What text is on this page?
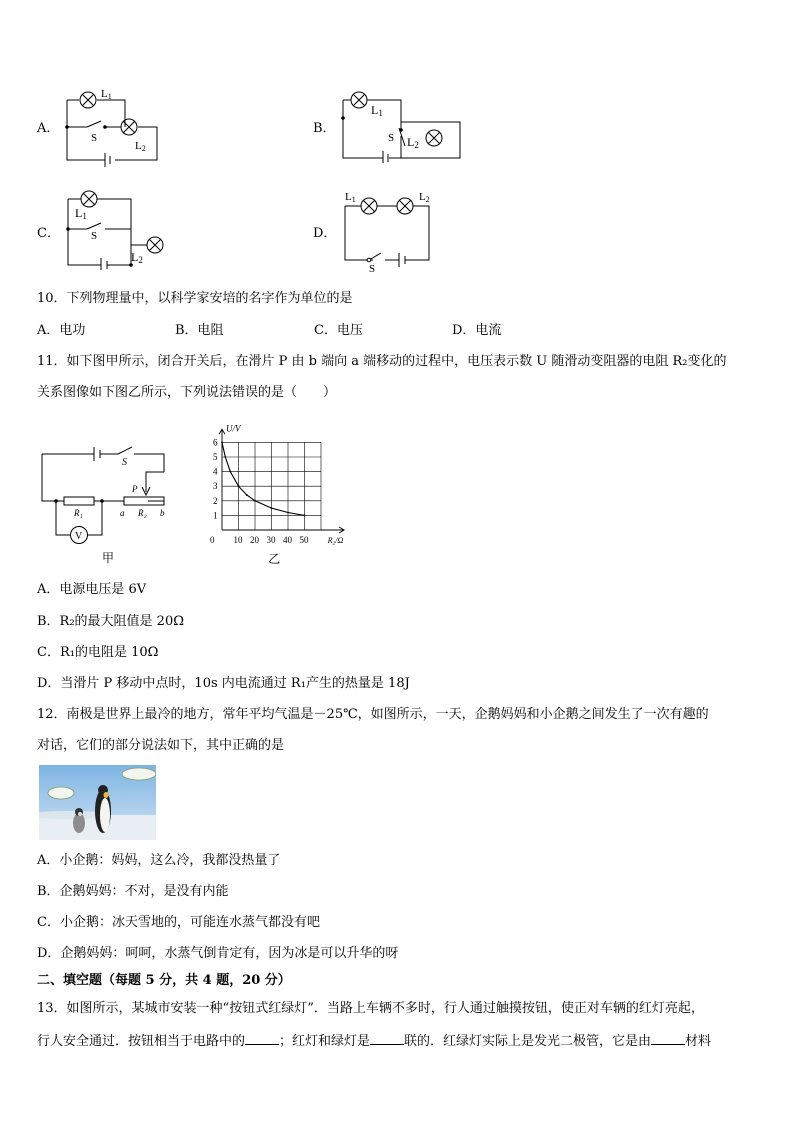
A．
L1
S
L2
B．
L1
S L2
C．
L1
S
L2
D．
L1	L2
S
10．下列物理量中，以科学家安培的名字作为单位的是
A．电功	B．电阻	C．电压	D．电流
11．如下图甲所示，闭合开关后，在滑片 P 由 b 端向 a 端移动的过程中，电压表示数 U 随滑动变阻器的电阻 R₂变化的
关系图像如下图乙所示，下列说法错误的是（　　）
S
P
R₁	a R₂ b
V
甲
1
2
3
4
5
6
0 10 20 30 40 50
U/V
R₂/Ω
乙
A．电源电压是 6V
B．R₂的最大阻值是 20Ω
C．R₁的电阻是 10Ω
D．当滑片 P 移动中点时，10s 内电流通过 R₁产生的热量是 18J
12．南极是世界上最冷的地方，常年平均气温是－25℃，如图所示，一天，企鹅妈妈和小企鹅之间发生了一次有趣的
对话，它们的部分说法如下，其中正确的是
A．小企鹅：妈妈，这么冷，我都没热量了
B．企鹅妈妈：不对，是没有内能
C．小企鹅：冰天雪地的，可能连水蒸气都没有吧
D．企鹅妈妈：呵呵，水蒸气倒肯定有，因为冰是可以升华的呀
二、填空题（每题 5 分，共 4 题，20 分）
13．如图所示，某城市安装一种“按钮式红绿灯”．当路上车辆不多时，行人通过触摸按钮，使正对车辆的红灯亮起，
行人安全通过．按钮相当于电路中的	；红灯和绿灯是	联的．红绿灯实际上是发光二极管，它是由	材料
